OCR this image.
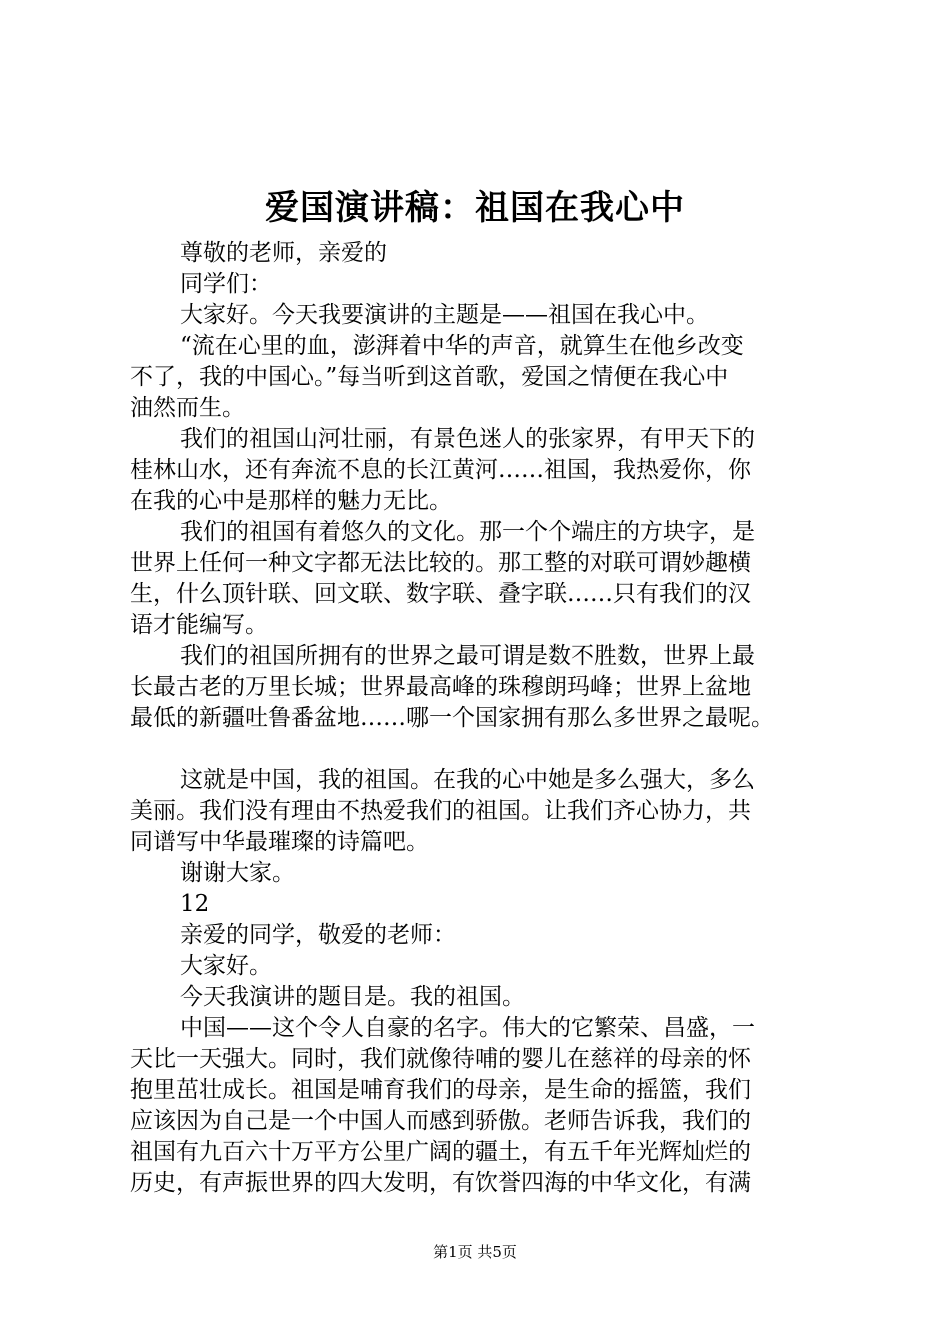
爱国演讲稿：祖国在我心中

尊敬的老师，亲爱的

同学们：

大家好。今天我要演讲的主题是——祖国在我心中。

“流在心里的血，澎湃着中华的声音，就算生在他乡改变

不了，我的中国心。”每当听到这首歌，爱国之情便在我心中

油然而生。

我们的祖国山河壮丽，有景色迷人的张家界，有甲天下的

桂林山水，还有奔流不息的长江黄河……祖国，我热爱你，你

在我的心中是那样的魅力无比。

我们的祖国有着悠久的文化。那一个个端庄的方块字，是

世界上任何一种文字都无法比较的。那工整的对联可谓妙趣横

生，什么顶针联、回文联、数字联、叠字联……只有我们的汉

语才能编写。

我们的祖国所拥有的世界之最可谓是数不胜数，世界上最

长最古老的万里长城；世界最高峰的珠穆朗玛峰；世界上盆地

最低的新疆吐鲁番盆地……哪一个国家拥有那么多世界之最呢。

这就是中国，我的祖国。在我的心中她是多么强大，多么

美丽。我们没有理由不热爱我们的祖国。让我们齐心协力，共

同谱写中华最璀璨的诗篇吧。

谢谢大家。

12

亲爱的同学，敬爱的老师：

大家好。

今天我演讲的题目是。我的祖国。

中国——这个令人自豪的名字。伟大的它繁荣、昌盛，一

天比一天强大。同时，我们就像待哺的婴儿在慈祥的母亲的怀

抱里茁壮成长。祖国是哺育我们的母亲，是生命的摇篮，我们

应该因为自己是一个中国人而感到骄傲。老师告诉我，我们的

祖国有九百六十万平方公里广阔的疆土，有五千年光辉灿烂的

历史，有声振世界的四大发明，有饮誉四海的中华文化，有满

第1页 共5页
